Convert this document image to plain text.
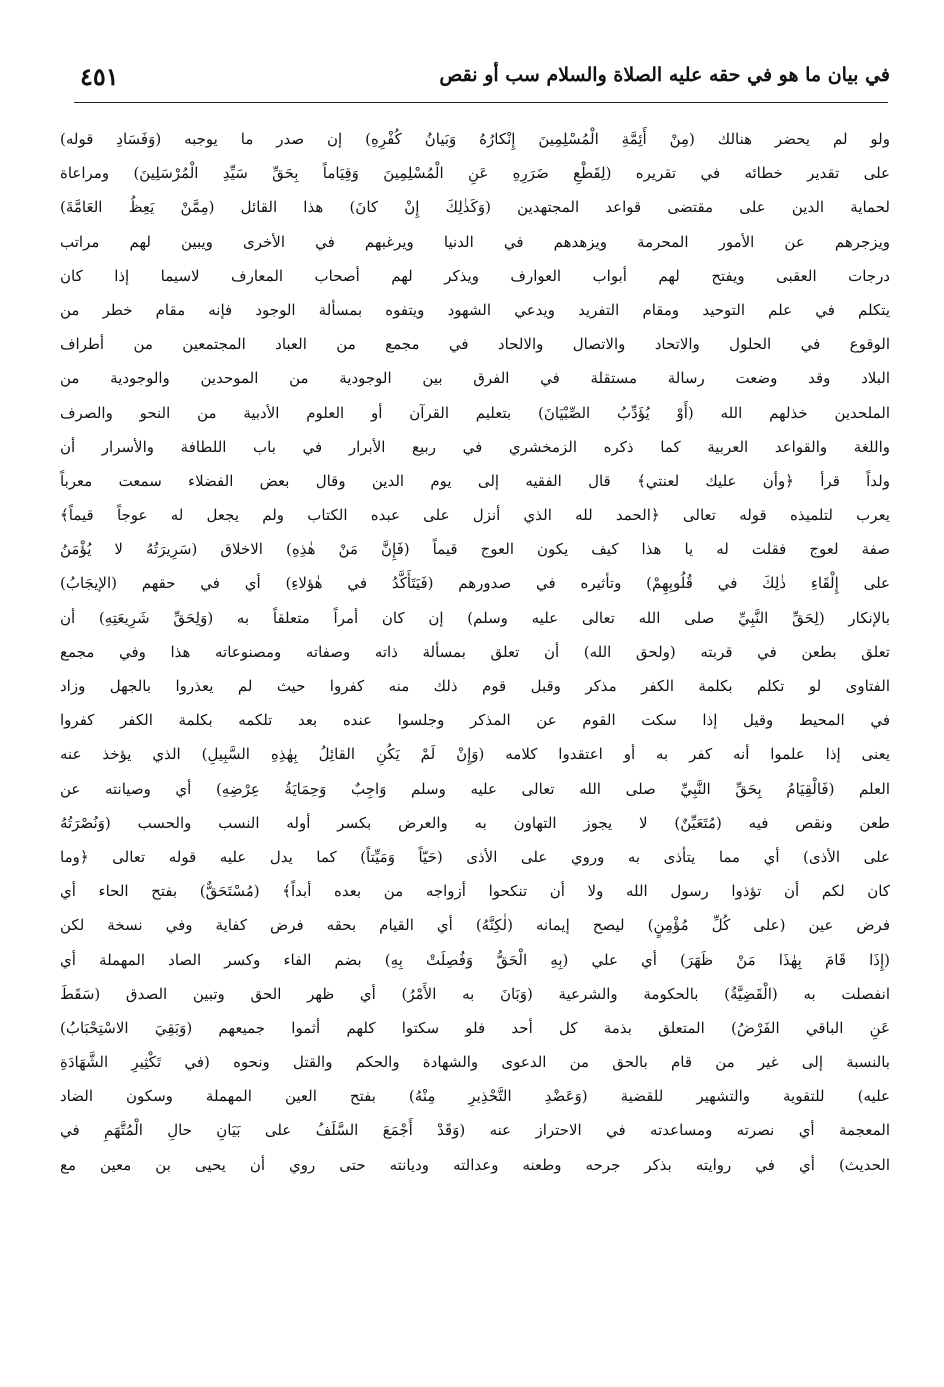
في بيان ما هو في حقه عليه الصلاة والسلام سب أو نقص
٤٥١
ولو لم يحضر هنالك (مِنْ أَئِمَّةِ الْمُسْلِمِينَ إِنْكارُهُ وَبَيانُ كُفْرِهِ) إن صدر ما يوجبه (وَفَسَادِ قوله)
على تقدير خطائه في تقريره (لِقَطْعِ ضَرَرِهِ عَنِ الْمُسْلِمِينَ وَقِيَاماً بِحَقِّ سَيِّدِ الْمُرْسَلِينَ) ومراعاة
لحماية الدين على مقتضى قواعد المجتهدين (وَكَذٰلِكَ إِنْ كانَ) هذا القائل (مِمَّنْ يَعِظُ العَامَّةَ)
ويزجرهم عن الأمور المحرمة ويزهدهم في الدنيا ويرغبهم في الأخرى ويبين لهم مراتب
درجات العقبى ويفتح لهم أبواب العوارف ويذكر لهم أصحاب المعارف لاسيما إذا كان
يتكلم في علم التوحيد ومقام التفريد ويدعي الشهود ويتفوه بمسألة الوجود فإنه مقام خطر من
الوقوع في الحلول والاتحاد والاتصال والالحاد في مجمع من العباد المجتمعين من أطراف
البلاد وقد وضعت رسالة مستقلة في الفرق بين الوجودية من الموحدين والوجودية من
الملحدين خذلهم الله (أَوْ يُؤَدِّبُ الصِّبْيَانَ) بتعليم القرآن أو العلوم الأدبية من النحو والصرف
واللغة والقواعد العربية كما ذكره الزمخشري في ربيع الأبرار في باب اللطافة والأسرار أن
ولداً قرأ ﴿وأن عليك لعنتي﴾ قال الفقيه إلى يوم الدين وقال بعض الفضلاء سمعت معرباً
يعرب لتلميذه قوله تعالى ﴿الحمد لله الذي أنزل على عبده الكتاب ولم يجعل له عوجاً قيماً﴾
صفة لعوج فقلت له يا هذا كيف يكون العوج قيماً (فَإِنَّ مَنْ هٰذِهِ) الاخلاق (سَرِيرَتُهُ لا يُؤْمَنُ
على إِلْقَاءِ ذٰلِكَ في قُلُوبِهِمْ) وتأثيره في صدورهم (فَيَتَأَكَّدُ في هٰؤلاءِ) أي في حقهم (الإيجَابُ)
بالإنكار (لِحَقِّ النَّبِيِّ صلى الله تعالى عليه وسلم) إن كان أمراً متعلقاً به (وَلِحَقِّ شَرِيعَتِهِ) أن
تعلق بطعن في قربته (ولحق الله) أن تعلق بمسألة ذاته وصفاته ومصنوعاته هذا وفي مجمع
الفتاوى لو تكلم بكلمة الكفر مذكر وقبل قوم ذلك منه كفروا حيث لم يعذروا بالجهل وزاد
في المحيط وقيل إذا سكت القوم عن المذكر وجلسوا عنده بعد تلكمه بكلمة الكفر كفروا
يعنى إذا علموا أنه كفر به أو اعتقدوا كلامه (وَإِنْ لَمْ يَكُنِ القائِلُ بِهٰذِهِ السَّبِيلِ) الذي يؤخذ عنه
العلم (فَالْقِيَامُ بِحَقِّ النَّبِيِّ صلى الله تعالى عليه وسلم وَاجِبٌ وَحِمَايَةُ عِرْضِهِ) أي وصيانته عن
طعن ونقص فيه (مُتَعَيِّنٌ) لا يجوز التهاون به والعرض بكسر أوله النسب والحسب (وَنُصْرَتُهُ
على الأذى) أي مما يتأذى به وروي على الأذى (حَيّاً وَمَيِّتاً) كما يدل عليه قوله تعالى ﴿وما
كان لكم أن تؤذوا رسول الله ولا أن تنكحوا أزواجه من بعده أبداً﴾ (مُسْتَحَقٌّ) بفتح الحاء أي
فرض عين (على كُلِّ مُؤْمِنٍ) ليصح إيمانه (لٰكِنَّهُ) أي القيام بحقه فرض كفاية وفي نسخة لكن
(إِذَا قَامَ بِهٰذَا مَنْ ظَهَرَ) أي علي (بِهِ الْحَقُّ وَفُصِلَتْ بِهِ) بضم الفاء وكسر الصاد المهملة أي
انفصلت به (الْقَضِيَّةُ) بالحكومة والشرعية (وَبَانَ به الأَمْرُ) أي ظهر الحق وتبين الصدق (سَقَطَ
عَنِ الباقي الفَرْضُ) المتعلق بذمة كل أحد فلو سكتوا كلهم أثموا جميعهم (وَبَقِيَ الاسْتِحْبَابُ)
بالنسبة إلى غير من قام بالحق من الدعوى والشهادة والحكم والقتل ونحوه (في تَكْثِيرِ الشَّهَادَةِ
عليه) للتقوية والتشهير للقضية (وَعَضْدِ التَّحْذِيرِ مِنْهُ) بفتح العين المهملة وسكون الضاد
المعجمة أي نصرته ومساعدته في الاحتراز عنه (وَقَدْ أَجْمَعَ السَّلَفُ على بَيَانِ حالِ الْمُتَّهَمِ في
الحديث) أي في روايته بذكر جرحه وطعنه وعدالته وديانته حتى روي أن يحيى بن معين مع
